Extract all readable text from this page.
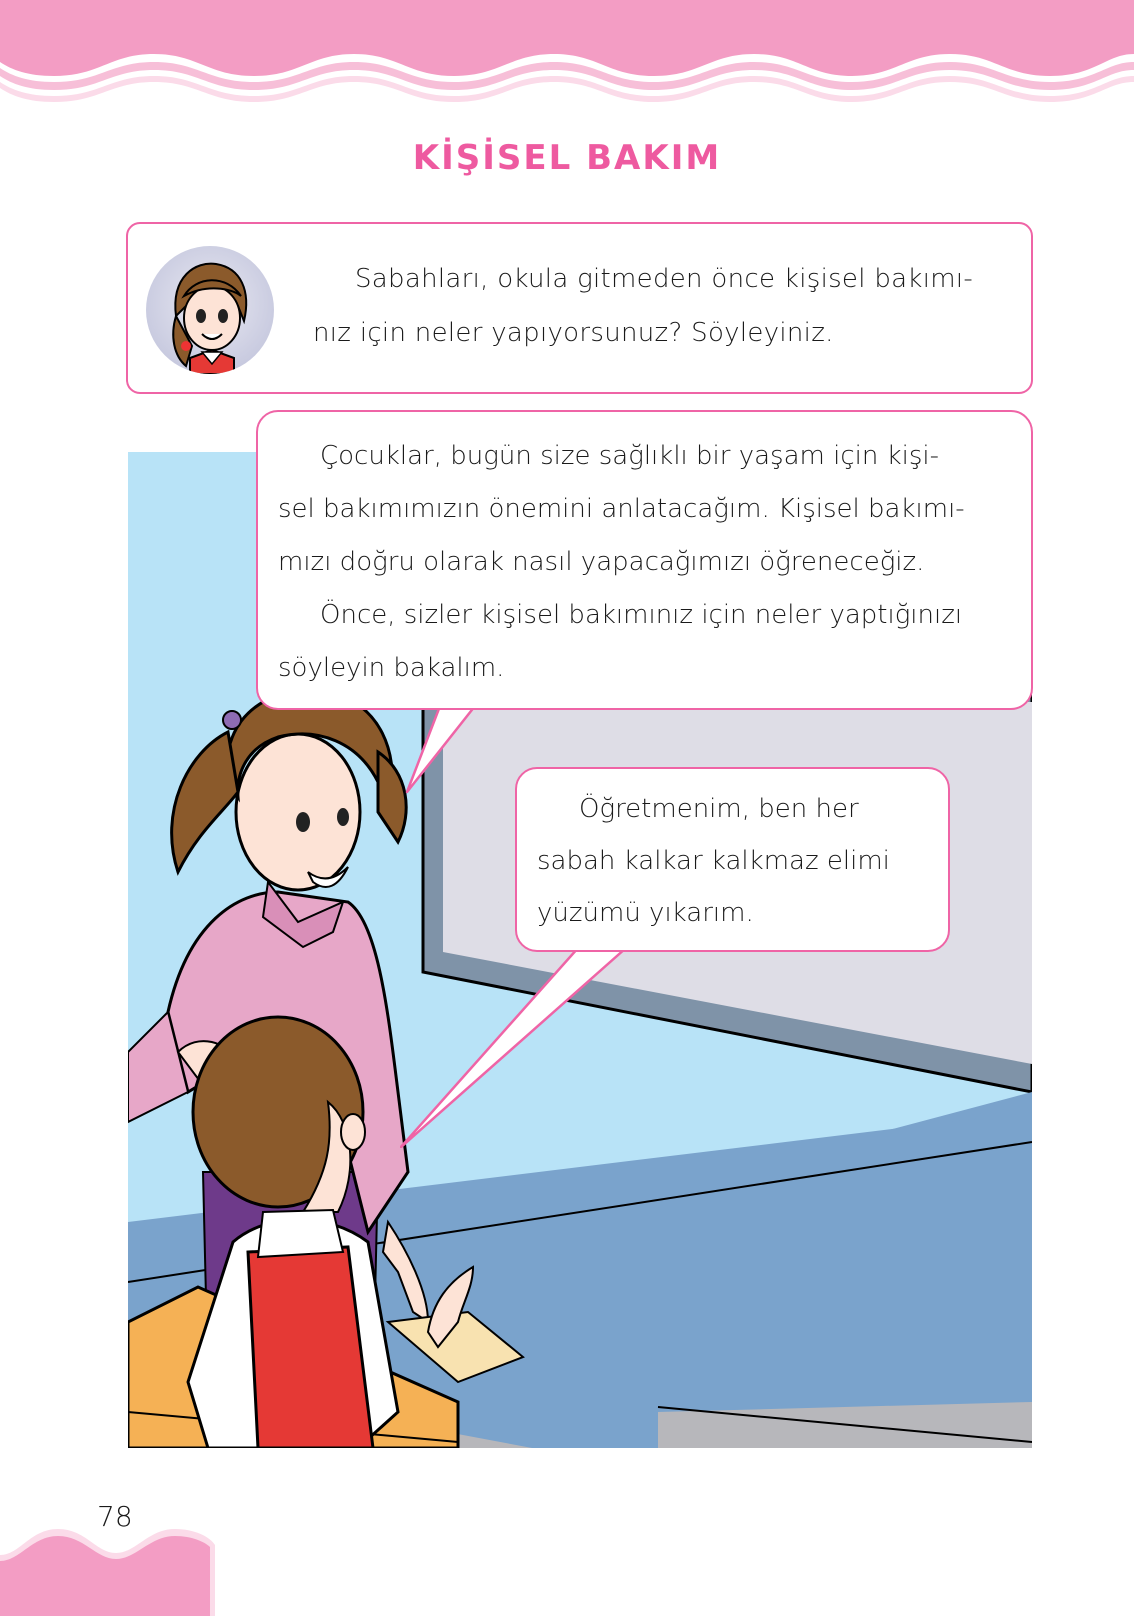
KİŞİSEL BAKIM
Sabahları, okula gitmeden önce kişisel bakımı-
nız için neler yapıyorsunuz? Söyleyiniz.

Çocuklar, bugün size sağlıklı bir yaşam için kişi-

sel bakımımızın önemini anlatacağım. Kişisel bakımı-

mızı doğru olarak nasıl yapacağımızı öğreneceğiz.

Önce, sizler kişisel bakımınız için neler yaptığınızı

söyleyin bakalım.

Öğretmenim, ben her

sabah kalkar kalkmaz elimi

yüzümü yıkarım.

78
